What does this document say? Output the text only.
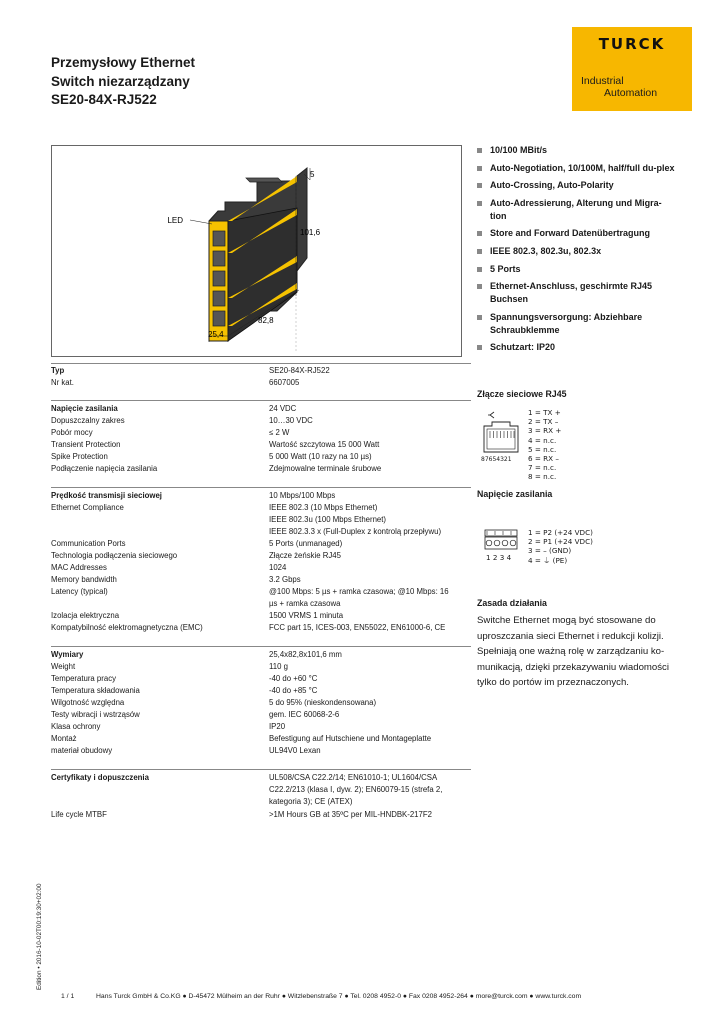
Przemysłowy Ethernet
Switch niezarządzany
SE20-84X-RJ522
TURCK
Industrial
Automation
LED
5
101,6
82,8
25,4
10/100 MBit/s
Auto-Negotiation, 10/100M, half/full du-plex
Auto-Crossing, Auto-Polarity
Auto-Adressierung, Alterung und Migra-tion
Store and Forward Datenübertragung
IEEE 802.3, 802.3u, 802.3x
5 Ports
Ethernet-Anschluss, geschirmte RJ45 Buchsen
Spannungsversorgung: Abziehbare Schraubklemme
Schutzart: IP20
Typ	SE20-84X-RJ522
Nr kat.	6607005
Napięcie zasilania	24 VDC
Dopuszczalny zakres	10…30 VDC
Pobór mocy	≤ 2 W
Transient Protection	Wartość szczytowa 15 000 Watt
Spike Protection	5 000 Watt (10 razy na 10 µs)
Podłączenie napięcia zasilania	Zdejmowalne terminale śrubowe
Prędkość transmisji sieciowej	10 Mbps/100 Mbps
Ethernet Compliance	IEEE 802.3 (10 Mbps Ethernet)
IEEE 802.3u (100 Mbps Ethernet)
IEEE 802.3.3 x (Full-Duplex z kontrolą przepływu)
Communication Ports	5 Ports (unmanaged)
Technologia podłączenia sieciowego	Złącze żeńskie RJ45
MAC Addresses	1024
Memory bandwidth	3.2 Gbps
Latency (typical)	@100 Mbps: 5 µs + ramka czasowa; @10 Mbps: 16
µs + ramka czasowa
Izolacja elektryczna	1500 VRMS 1 minuta
Kompatybilność elektromagnetyczna (EMC)	FCC part 15, ICES-003, EN55022, EN61000-6, CE
Wymiary	25,4x82,8x101,6 mm
Weight	110 g
Temperatura pracy	-40 do +60 °C
Temperatura składowania	-40 do +85 °C
Wilgotność względna	5 do 95% (nieskondensowana)
Testy wibracji i wstrząsów	gem. IEC 60068-2-6
Klasa ochrony	IP20
Montaż	Befestigung auf Hutschiene und Montageplatte
materiał obudowy	UL94V0 Lexan
Certyfikaty i dopuszczenia	UL508/CSA C22.2/14; EN61010-1; UL1604/CSA
C22.2/213 (klasa I, dyw. 2); EN60079-15 (strefa 2,
kategoria 3); CE (ATEX)
Life cycle MTBF	>1M Hours GB at 35ºC per MIL-HNDBK-217F2
Złącze sieciowe RJ45
87654321
1 = TX +
2 = TX –
3 = RX +
4 = n.c.
5 = n.c.
6 = RX –
7 = n.c.
8 = n.c.
Napięcie zasilania
1 2 3 4
1 = P2 (+24 VDC)
2 = P1 (+24 VDC)
3 = – (GND)
4 = ⏚ (PE)
Zasada działania
Switche Ethernet mogą być stosowane do
uproszczania sieci Ethernet i redukcji kolizji.
Spełniają one ważną rolę w zarządzaniu ko-
munikacją, dzięki przekazywaniu wiadomości
tylko do portów im przeznaczonych.
Edition • 2016-10-02T00:19:30+02:00
1 / 1	Hans Turck GmbH & Co.KG ● D-45472 Mülheim an der Ruhr ● Witzlebenstraße 7 ● Tel. 0208 4952-0 ● Fax 0208 4952-264 ● more@turck.com ● www.turck.com
